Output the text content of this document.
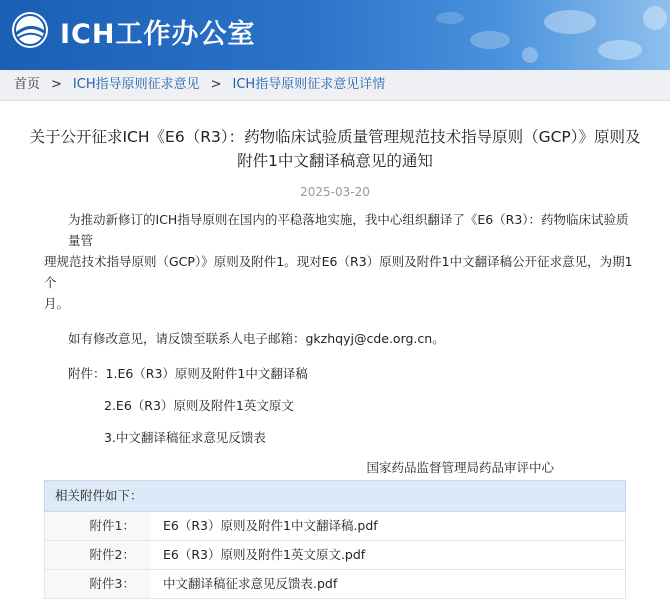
ICH工作办公室
首页 > ICH指导原则征求意见 > ICH指导原则征求意见详情
关于公开征求ICH《E6（R3）：药物临床试验质量管理规范技术指导原则（GCP）》原则及
附件1中文翻译稿意见的通知
2025-03-20
为推动新修订的ICH指导原则在国内的平稳落地实施，我中心组织翻译了《E6（R3）：药物临床试验质量管
理规范技术指导原则（GCP）》原则及附件1。现对E6（R3）原则及附件1中文翻译稿公开征求意见，为期1个
月。
如有修改意见，请反馈至联系人电子邮箱：gkzhqyj@cde.org.cn。
附件：1.E6（R3）原则及附件1中文翻译稿
2.E6（R3）原则及附件1英文原文
3.中文翻译稿征求意见反馈表
国家药品监督管理局药品审评中心
相关附件如下：
附件1：	E6（R3）原则及附件1中文翻译稿.pdf
附件2：	E6（R3）原则及附件1英文原文.pdf
附件3：	中文翻译稿征求意见反馈表.pdf
